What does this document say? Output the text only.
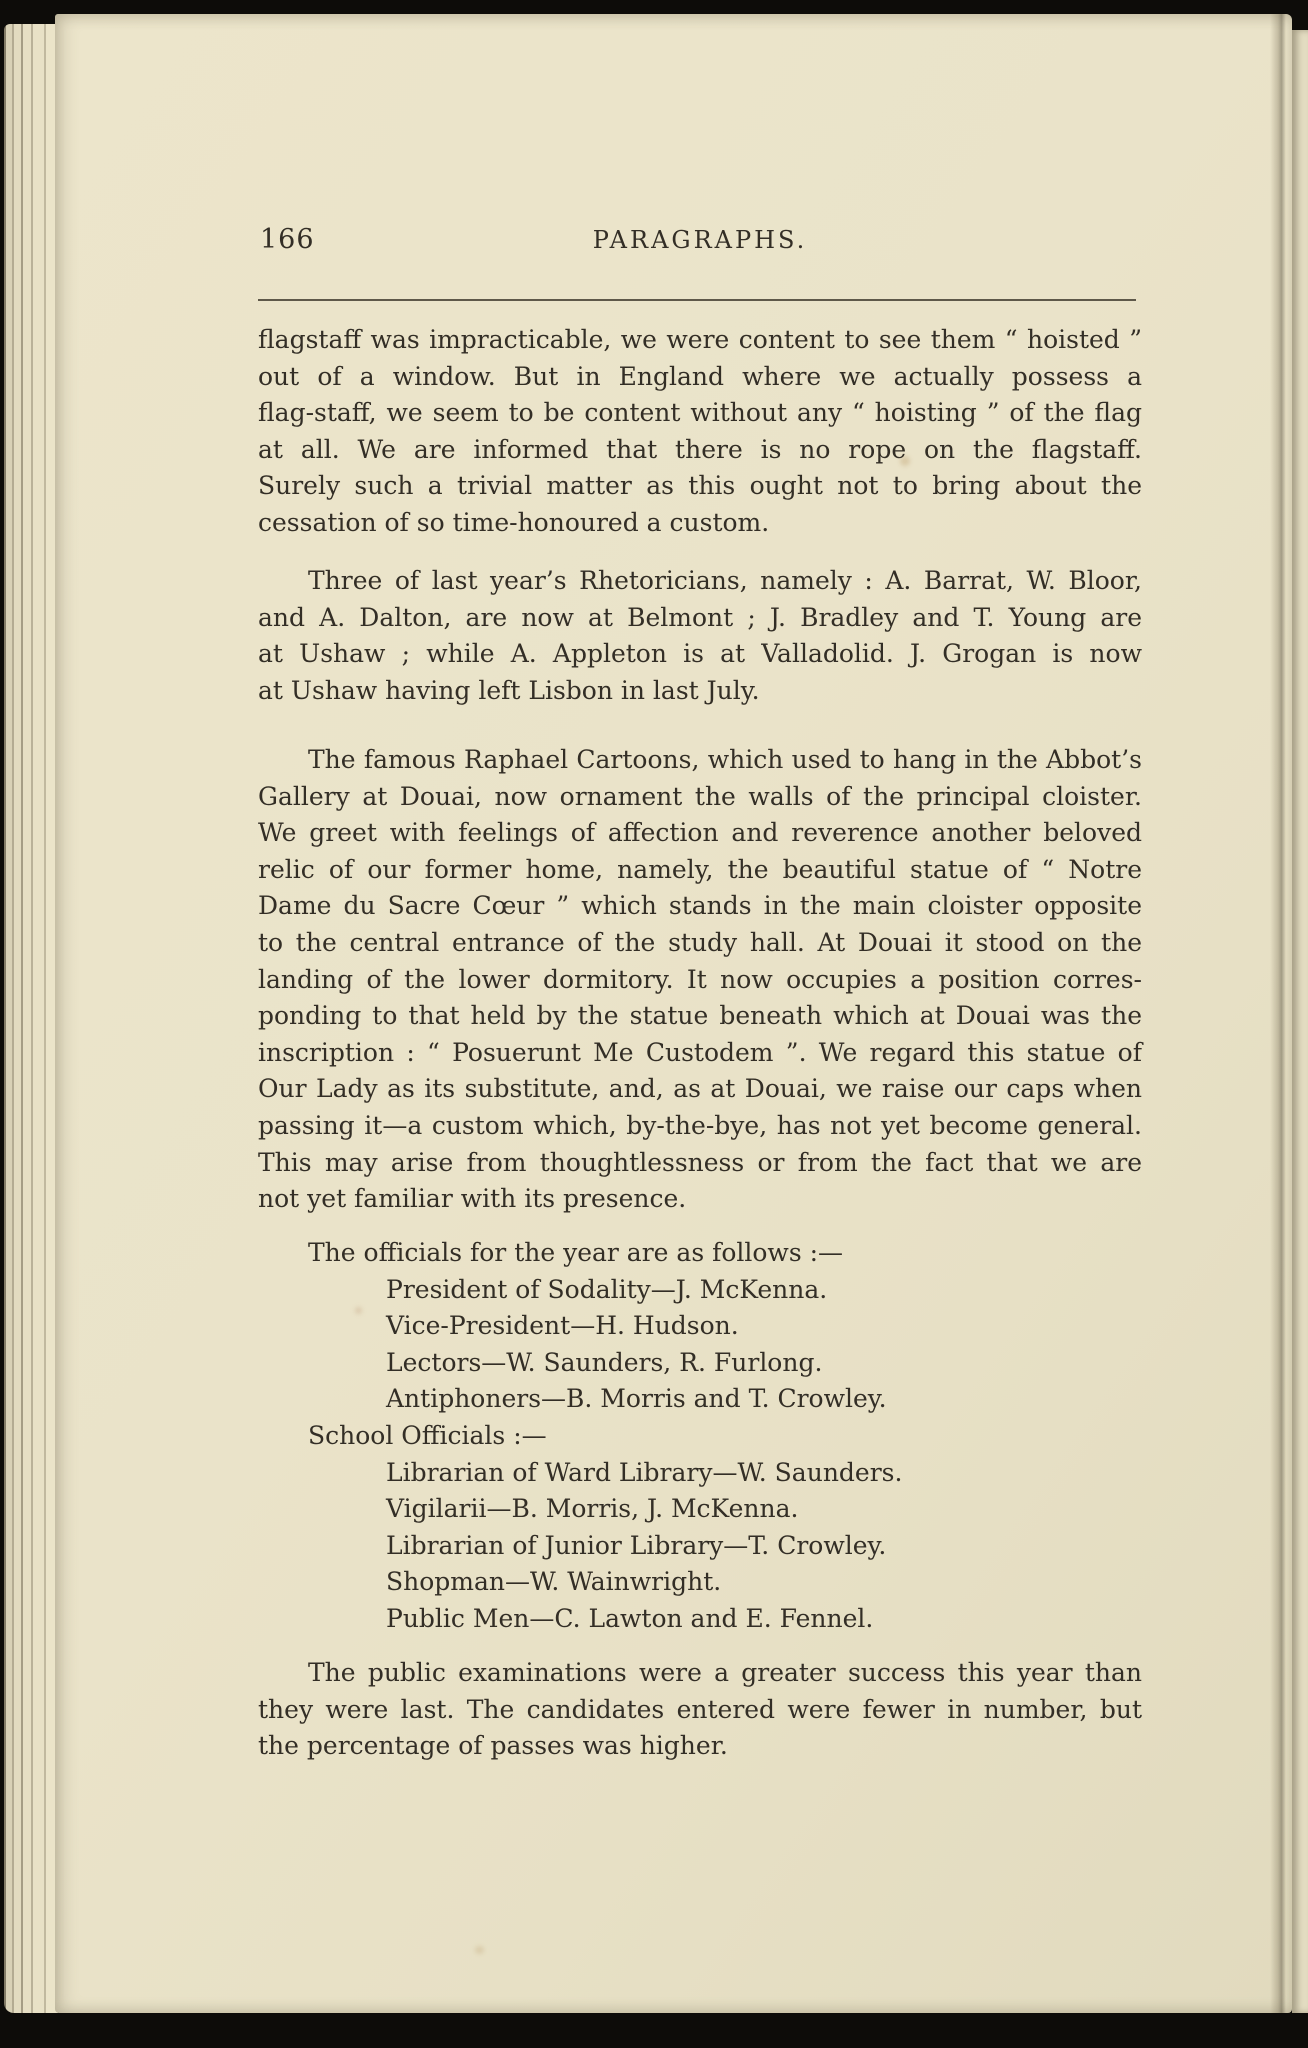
166	PARAGRAPHS.
flagstaff was impracticable, we were content to see them “ hoisted ”
out of a window. But in England where we actually possess a
flag-staff, we seem to be content without any “ hoisting ” of the flag
at all. We are informed that there is no rope on the flagstaff.
Surely such a trivial matter as this ought not to bring about the
cessation of so time-honoured a custom.
Three of last year’s Rhetoricians, namely : A. Barrat, W. Bloor,
and A. Dalton, are now at Belmont ; J. Bradley and T. Young are
at Ushaw ; while A. Appleton is at Valladolid. J. Grogan is now
at Ushaw having left Lisbon in last July.
The famous Raphael Cartoons, which used to hang in the Abbot’s
Gallery at Douai, now ornament the walls of the principal cloister.
We greet with feelings of affection and reverence another beloved
relic of our former home, namely, the beautiful statue of “ Notre
Dame du Sacre Cœur ” which stands in the main cloister opposite
to the central entrance of the study hall. At Douai it stood on the
landing of the lower dormitory. It now occupies a position corres-
ponding to that held by the statue beneath which at Douai was the
inscription : “ Posuerunt Me Custodem ”. We regard this statue of
Our Lady as its substitute, and, as at Douai, we raise our caps when
passing it—a custom which, by-the-bye, has not yet become general.
This may arise from thoughtlessness or from the fact that we are
not yet familiar with its presence.
The officials for the year are as follows :—
President of Sodality—J. McKenna.
Vice-President—H. Hudson.
Lectors—W. Saunders, R. Furlong.
Antiphoners—B. Morris and T. Crowley.
School Officials :—
Librarian of Ward Library—W. Saunders.
Vigilarii—B. Morris, J. McKenna.
Librarian of Junior Library—T. Crowley.
Shopman—W. Wainwright.
Public Men—C. Lawton and E. Fennel.
The public examinations were a greater success this year than
they were last. The candidates entered were fewer in number, but
the percentage of passes was higher.
